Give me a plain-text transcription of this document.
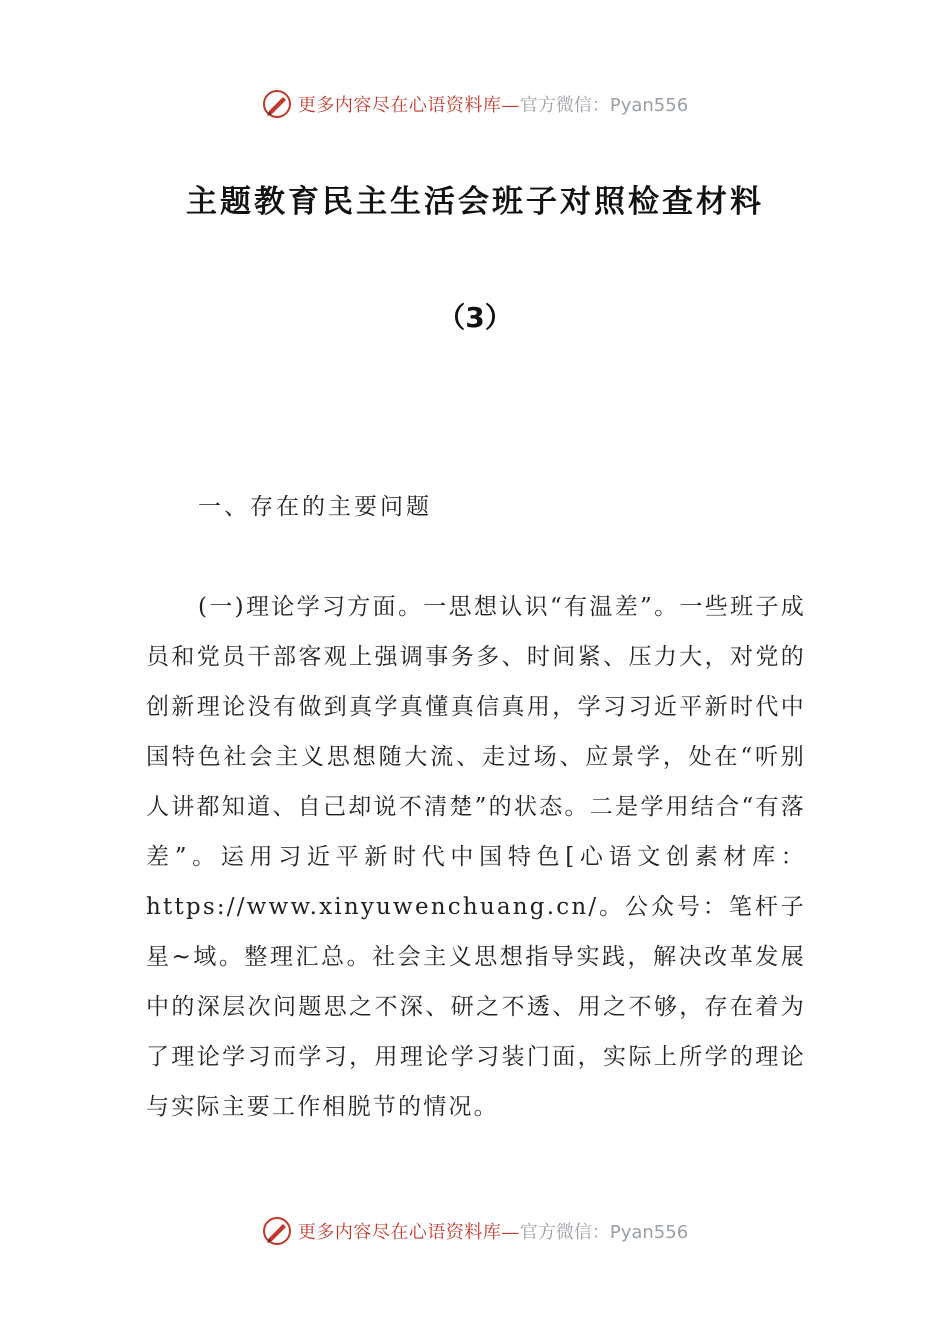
更多内容尽在心语资料库— 官方微信：Pyan556
主题教育民主生活会班子对照检查材料
（3）
一、存在的主要问题

(一)理论学习方面。一思想认识“有温差”。一些班子成员和党员干部客观上强调事务多、时间紧、压力大，对党的创新理论没有做到真学真懂真信真用，学习习近平新时代中国特色社会主义思想随大流、走过场、应景学，处在“听别人讲都知道、自己却说不清楚”的状态。二是学用结合“有落差”。运用习近平新时代中国特色[心语文创素材库：https://www.xinyuwenchuang.cn/。公众号：笔杆子星~域。整理汇总。社会主义思想指导实践，解决改革发展中的深层次问题思之不深、研之不透、用之不够，存在着为了理论学习而学习，用理论学习装门面，实际上所学的理论与实际主要工作相脱节的情况。

更多内容尽在心语资料库— 官方微信：Pyan556
